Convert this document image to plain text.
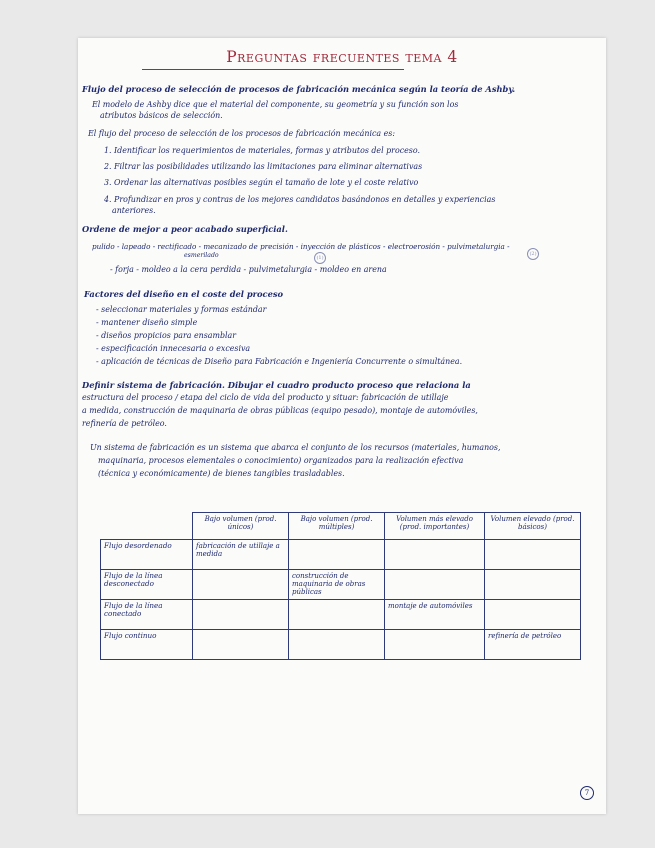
Preguntas frecuentes tema 4
Flujo del proceso de selección de procesos de fabricación mecánica según la teoría de Ashby.
El modelo de Ashby dice que el material del componente, su geometría y su función son los
atributos básicos de selección.
El flujo del proceso de selección de los procesos de fabricación mecánica es:
1. Identificar los requerimientos de materiales, formas y atributos del proceso.
2. Filtrar las posibilidades utilizando las limitaciones para eliminar alternativas
3. Ordenar las alternativas posibles según el tamaño de lote y el coste relativo
4. Profundizar en pros y contras de los mejores candidatos basándonos en detalles y experiencias
anteriores.
Ordene de mejor a peor acabado superficial.
pulido - lapeado - rectificado - mecanizado de precisión - inyección de plásticos - electroerosión - pulvimetalurgia -
esmerilado	(1)
(2)
- forja - moldeo a la cera perdida - pulvimetalurgia - moldeo en arena
Factores del diseño en el coste del proceso
- seleccionar materiales y formas estándar
- mantener diseño simple
- diseños propicios para ensamblar
- especificación innecesaria o excesiva
- aplicación de técnicas de Diseño para Fabricación e Ingeniería Concurrente o simultánea.
Definir sistema de fabricación. Dibujar el cuadro producto proceso que relaciona la
estructura del proceso / etapa del ciclo de vida del producto y situar: fabricación de utillaje
a medida, construcción de maquinaria de obras públicas (equipo pesado), montaje de automóviles,
refinería de petróleo.
Un sistema de fabricación es un sistema que abarca el conjunto de los recursos (materiales, humanos,
maquinaria, procesos elementales o conocimiento) organizados para la realización efectiva
(técnica y económicamente) de bienes tangibles trasladables.
	Bajo volumen (prod. únicos)	Bajo volumen (prod. múltiples)	Volumen más elevado (prod. importantes)	Volumen elevado (prod. básicos)
Flujo desordenado	fabricación de utillaje a medida			
Flujo de la línea desconectado		construcción de maquinaria de obras públicas		
Flujo de la línea conectado			montaje de automóviles	
Flujo continuo				refinería de petróleo
7
